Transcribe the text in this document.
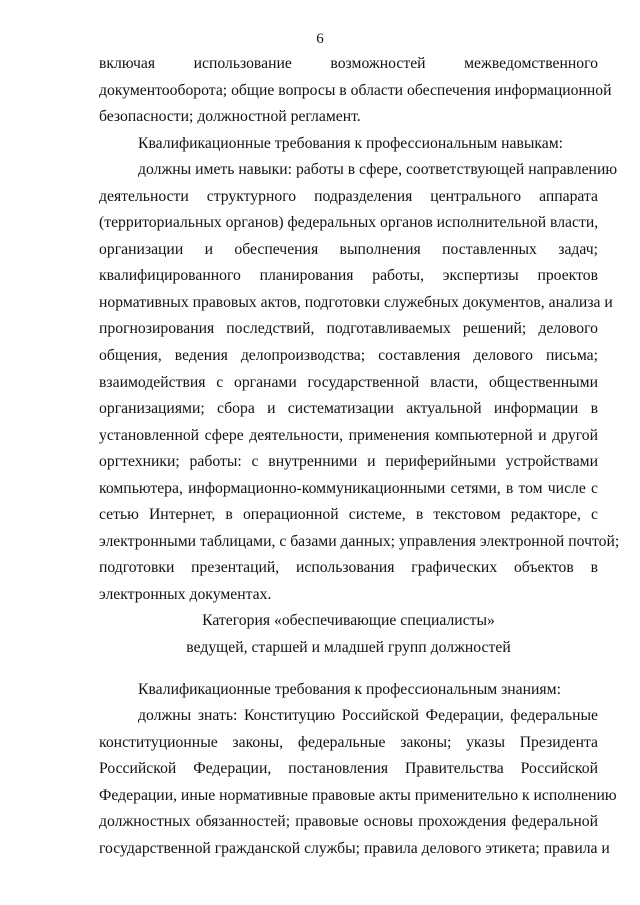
6
включая использование возможностей межведомственного
документооборота; общие вопросы в области обеспечения информационной
безопасности; должностной регламент.
Квалификационные требования к профессиональным навыкам:
должны иметь навыки: работы в сфере, соответствующей направлению
деятельности структурного подразделения центрального аппарата
(территориальных органов) федеральных органов исполнительной власти,
организации и обеспечения выполнения поставленных задач;
квалифицированного планирования работы, экспертизы проектов
нормативных правовых актов, подготовки служебных документов, анализа и
прогнозирования последствий, подготавливаемых решений; делового
общения, ведения делопроизводства; составления делового письма;
взаимодействия с органами государственной власти, общественными
организациями; сбора и систематизации актуальной информации в
установленной сфере деятельности, применения компьютерной и другой
оргтехники; работы: с внутренними и периферийными устройствами
компьютера, информационно-коммуникационными сетями, в том числе с
сетью Интернет, в операционной системе, в текстовом редакторе, с
электронными таблицами, с базами данных; управления электронной почтой;
подготовки презентаций, использования графических объектов в
электронных документах.
Категория «обеспечивающие специалисты»
ведущей, старшей и младшей групп должностей
Квалификационные требования к профессиональным знаниям:
должны знать: Конституцию Российской Федерации, федеральные
конституционные законы, федеральные законы; указы Президента
Российской Федерации, постановления Правительства Российской
Федерации, иные нормативные правовые акты применительно к исполнению
должностных обязанностей; правовые основы прохождения федеральной
государственной гражданской службы; правила делового этикета; правила и
